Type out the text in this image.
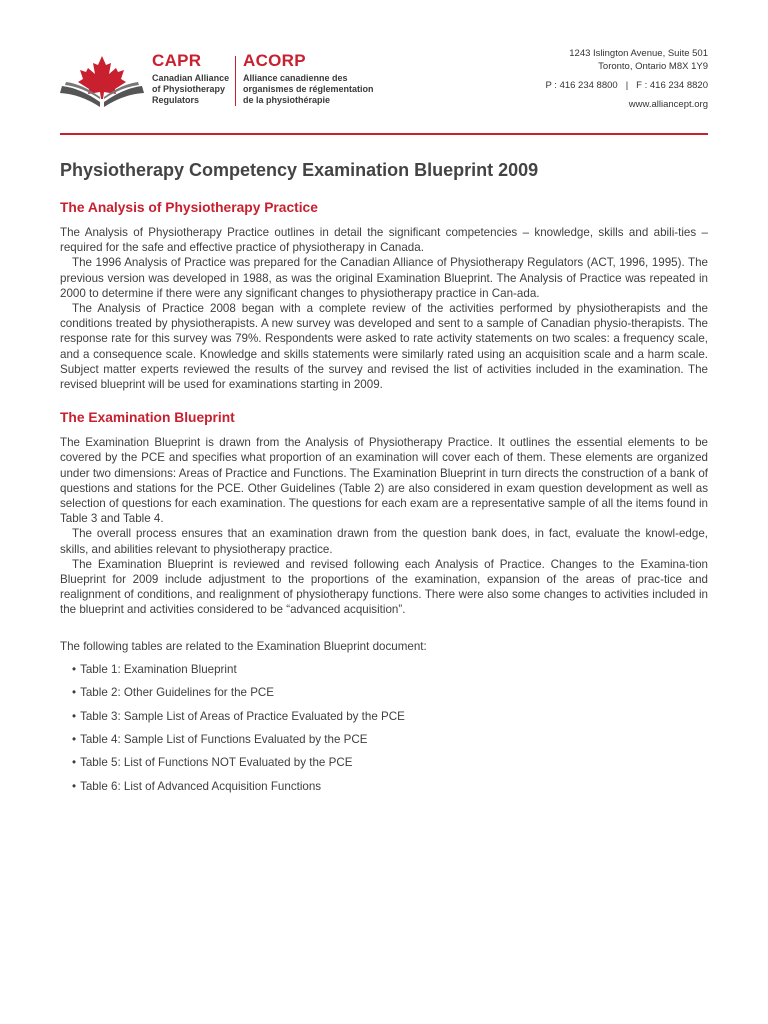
CAPR
Canadian Alliance
of Physiotherapy
Regulators
ACORP
Alliance canadienne des
organismes de réglementation
de la physiothérapie
1243 Islington Avenue, Suite 501
Toronto, Ontario M8X 1Y9
P : 416 234 8800 | F : 416 234 8820
www.alliancept.org
Physiotherapy Competency Examination Blueprint 2009
The Analysis of Physiotherapy Practice

The Analysis of Physiotherapy Practice outlines in detail the significant competencies – knowledge, skills and abili-ties – required for the safe and effective practice of physiotherapy in Canada.

The 1996 Analysis of Practice was prepared for the Canadian Alliance of Physiotherapy Regulators (ACT, 1996, 1995). The previous version was developed in 1988, as was the original Examination Blueprint. The Analysis of Practice was repeated in 2000 to determine if there were any significant changes to physiotherapy practice in Can-ada.

The Analysis of Practice 2008 began with a complete review of the activities performed by physiotherapists and the conditions treated by physiotherapists. A new survey was developed and sent to a sample of Canadian physio-therapists. The response rate for this survey was 79%. Respondents were asked to rate activity statements on two scales: a frequency scale, and a consequence scale. Knowledge and skills statements were similarly rated using an acquisition scale and a harm scale. Subject matter experts reviewed the results of the survey and revised the list of activities included in the examination. The revised blueprint will be used for examinations starting in 2009.

The Examination Blueprint

The Examination Blueprint is drawn from the Analysis of Physiotherapy Practice. It outlines the essential elements to be covered by the PCE and specifies what proportion of an examination will cover each of them. These elements are organized under two dimensions: Areas of Practice and Functions. The Examination Blueprint in turn directs the construction of a bank of questions and stations for the PCE. Other Guidelines (Table 2) are also considered in exam question development as well as selection of questions for each examination. The questions for each exam are a representative sample of all the items found in Table 3 and Table 4.

The overall process ensures that an examination drawn from the question bank does, in fact, evaluate the knowl-edge, skills, and abilities relevant to physiotherapy practice.

The Examination Blueprint is reviewed and revised following each Analysis of Practice. Changes to the Examina-tion Blueprint for 2009 include adjustment to the proportions of the examination, expansion of the areas of prac-tice and realignment of conditions, and realignment of physiotherapy functions. There were also some changes to activities included in the blueprint and activities considered to be “advanced acquisition”.

The following tables are related to the Examination Blueprint document:

• Table 1: Examination Blueprint
• Table 2: Other Guidelines for the PCE
• Table 3: Sample List of Areas of Practice Evaluated by the PCE
• Table 4: Sample List of Functions Evaluated by the PCE
• Table 5: List of Functions NOT Evaluated by the PCE
• Table 6: List of Advanced Acquisition Functions
